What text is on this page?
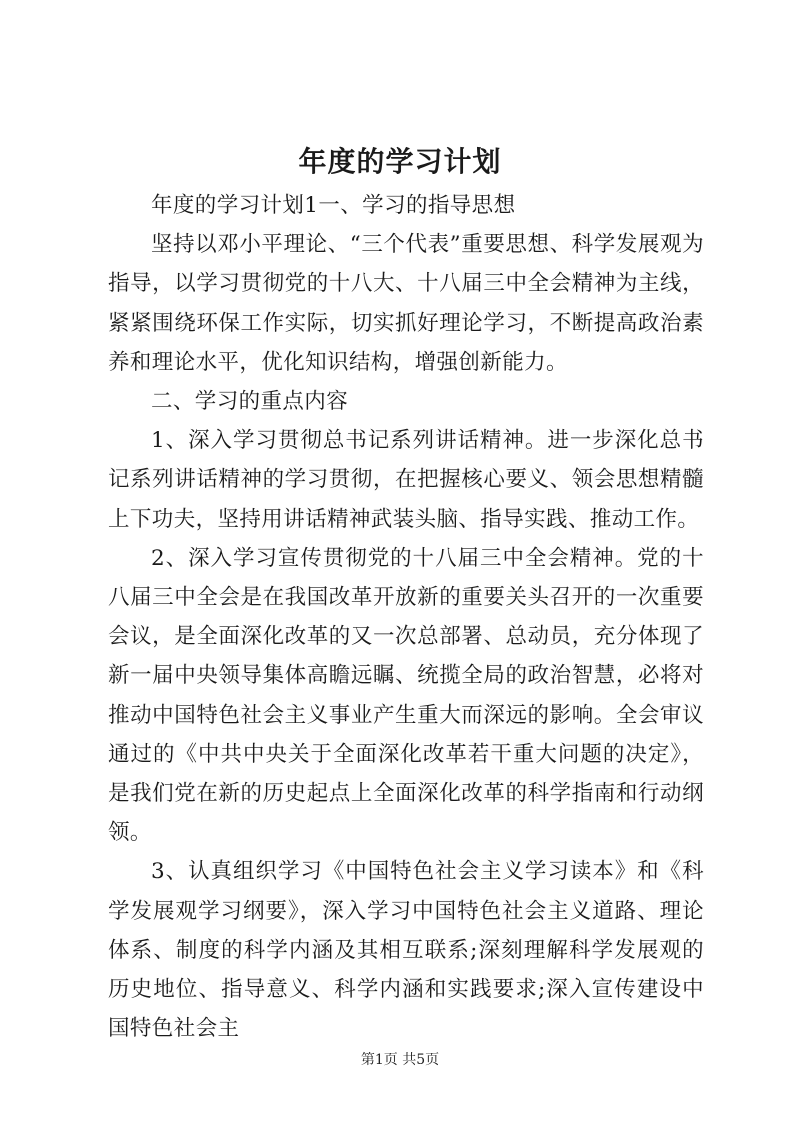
年度的学习计划

年度的学习计划1一、学习的指导思想

坚持以邓小平理论、“三个代表”重要思想、科学发展观为指导，以学习贯彻党的十八大、十八届三中全会精神为主线，紧紧围绕环保工作实际，切实抓好理论学习，不断提高政治素养和理论水平，优化知识结构，增强创新能力。

二、学习的重点内容

1、深入学习贯彻总书记系列讲话精神。进一步深化总书记系列讲话精神的学习贯彻，在把握核心要义、领会思想精髓上下功夫，坚持用讲话精神武装头脑、指导实践、推动工作。

2、深入学习宣传贯彻党的十八届三中全会精神。党的十八届三中全会是在我国改革开放新的重要关头召开的一次重要会议，是全面深化改革的又一次总部署、总动员，充分体现了新一届中央领导集体高瞻远瞩、统揽全局的政治智慧，必将对推动中国特色社会主义事业产生重大而深远的影响。全会审议通过的《中共中央关于全面深化改革若干重大问题的决定》，是我们党在新的历史起点上全面深化改革的科学指南和行动纲领。

3、认真组织学习《中国特色社会主义学习读本》和《科学发展观学习纲要》，深入学习中国特色社会主义道路、理论体系、制度的科学内涵及其相互联系;深刻理解科学发展观的历史地位、指导意义、科学内涵和实践要求;深入宣传建设中国特色社会主

第1页 共5页
